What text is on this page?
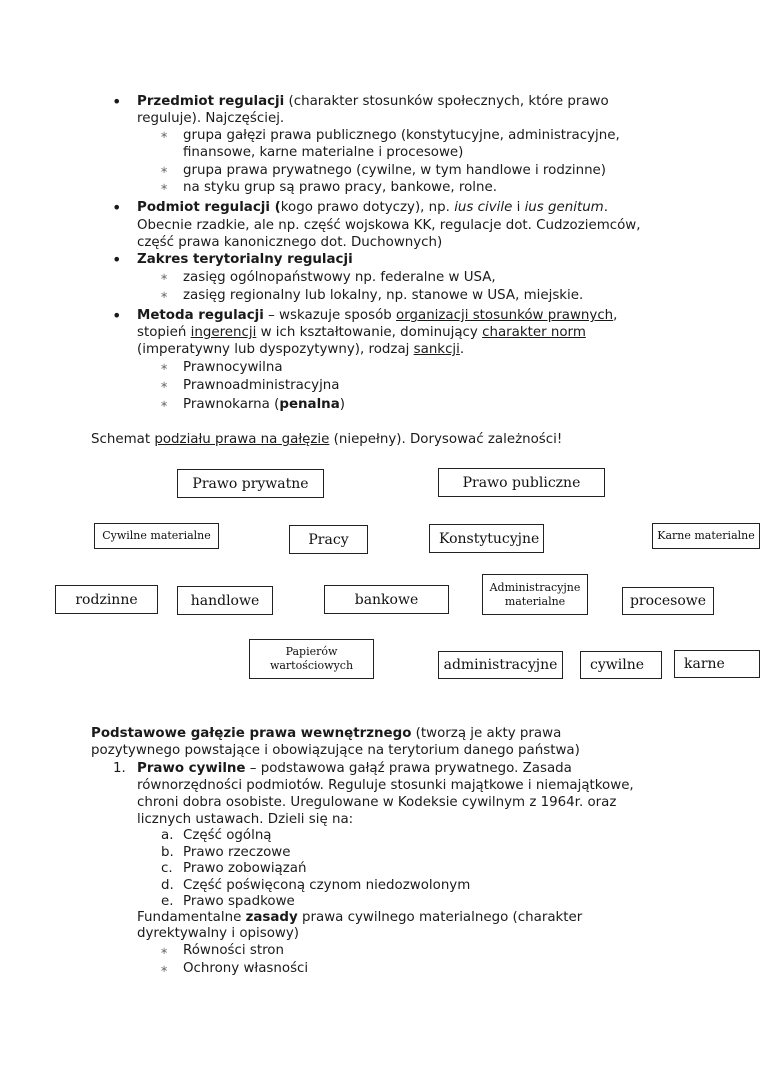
• Przedmiot regulacji (charakter stosunków społecznych, które prawo
reguluje). Najczęściej.
∗ grupa gałęzi prawa publicznego (konstytucyjne, administracyjne,
finansowe, karne materialne i procesowe)
∗ grupa prawa prywatnego (cywilne, w tym handlowe i rodzinne)
∗ na styku grup są prawo pracy, bankowe, rolne.
• Podmiot regulacji (kogo prawo dotyczy), np. ius civile i ius genitum.
Obecnie rzadkie, ale np. część wojskowa KK, regulacje dot. Cudzoziemców,
część prawa kanonicznego dot. Duchownych)
• Zakres terytorialny regulacji
∗ zasięg ogólnopaństwowy np. federalne w USA,
∗ zasięg regionalny lub lokalny, np. stanowe w USA, miejskie.
• Metoda regulacji – wskazuje sposób organizacji stosunków prawnych,
stopień ingerencji w ich kształtowanie, dominujący charakter norm
(imperatywny lub dyspozytywny), rodzaj sankcji.
∗ Prawnocywilna
∗ Prawnoadministracyjna
∗ Prawnokarna (penalna)
Schemat podziału prawa na gałęzie (niepełny). Dorysować zależności!
Prawo prywatne	Prawo publiczne
Cywilne materialne	Pracy	Konstytucyjne	Karne materialne
rodzinne	handlowe	bankowe
Administracyjne
materialne	procesowe
Papierów
wartościowych	administracyjne	cywilne	karne
Podstawowe gałęzie prawa wewnętrznego (tworzą je akty prawa
pozytywnego powstające i obowiązujące na terytorium danego państwa)
1. Prawo cywilne – podstawowa gałąź prawa prywatnego. Zasada
równorzędności podmiotów. Reguluje stosunki majątkowe i niemajątkowe,
chroni dobra osobiste. Uregulowane w Kodeksie cywilnym z 1964r. oraz
licznych ustawach. Dzieli się na:
a. Część ogólną
b. Prawo rzeczowe
c. Prawo zobowiązań
d. Część poświęconą czynom niedozwolonym
e. Prawo spadkowe
Fundamentalne zasady prawa cywilnego materialnego (charakter
dyrektywalny i opisowy)
∗ Równości stron
∗ Ochrony własności
